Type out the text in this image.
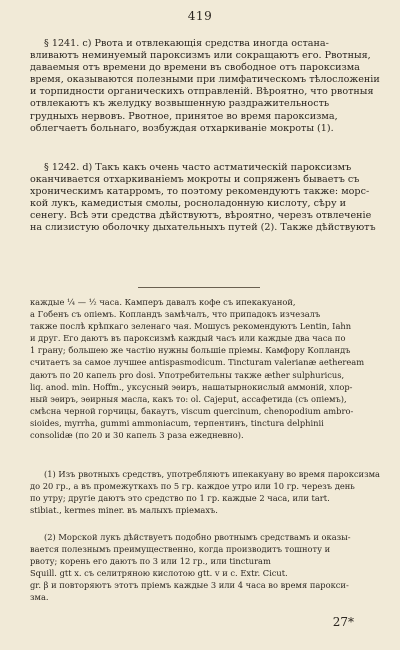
419
§ 1241. c) Рвота и отвлекающія средства иногда остана-
вливаютъ неминуемый пароксизмъ или сокращаютъ его. Рвотныя,
даваемыя отъ времени до времени въ свободное отъ пароксизма
время, оказываются полезными при лимфатическомъ тѣлосложеніи
и торпидности органическихъ отправленій. Вѣроятно, что рвотныя
отвлекаютъ къ желудку возвышенную раздражительность
грудныхъ нервовъ. Рвотное, принятое во время пароксизма,
облегчаетъ больнаго, возбуждая отхаркиваніе мокроты (1).
§ 1242. d) Такъ какъ очень часто астматическій пароксизмъ
оканчивается отхаркиваніемъ мокроты и сопряженъ бываетъ съ
хроническимъ катарромъ, то поэтому рекомендуютъ также: морс-
кой лукъ, камедистыя смолы, росноладонную кислоту, сѣру и
сенегу. Всѣ эти средства дѣйствуютъ, вѣроятно, черезъ отвлеченіе
на слизистую оболочку дыхательныхъ путей (2). Также дѣйствуютъ
каждые ¼ — ½ часа. Камперъ давалъ кофе съ ипекакуаной,
a Гобенъ съ опіемъ. Копландъ замѣчалъ, что припадокъ изчезалъ
также послѣ крѣпкаго зеленаго чая. Мошусъ рекомендуютъ Lentin, Iahn
и друг. Его даютъ въ пароксизмѣ каждый часъ или каждые два часа по
1 грану; большею же частію нужны большіе пріемы. Камфору Копландъ
считаетъ за самое лучшее antispasmodicum. Tincturam valerianæ aetheream
даютъ по 20 капель pro dosi. Употребительны также æther sulphuricus,
liq. anod. min. Hoffm., уксусный эѳиръ, нашатырнокислый аммоній, хлор-
ный эѳиръ, эѳирныя масла, какъ то: ol. Cajeput, ассафетида (съ опіемъ),
смѣсна черной горчицы, бакаутъ, viscum quercinum, chenopodium ambro-
sioides, myrrha, gummi ammoniacum, терпентинъ, tinctura delphinii
consolidæ (по 20 и 30 капель 3 раза ежедневно).
(1) Изъ рвотныхъ средствъ, употребляютъ ипекакуану во время пароксизма
до 20 гр., а въ промежуткахъ по 5 гр. каждое утро или 10 гр. черезъ день
по утру; другіе даютъ это средство по 1 гр. каждые 2 часа, или tart.
stibiat., kermes miner. въ малыхъ пріемахъ.
(2) Морской лукъ дѣйствуетъ подобно рвотнымъ средствамъ и оказы-
вается полезнымъ преимущественно, когда производитъ тошноту и
рвоту; корень его даютъ по 3 или 12 гр., или tincturam
Squill. gtt x. съ селитряною кислотою gtt. v и с. Extr. Cicut.
gr. β и повторяютъ этотъ пріемъ каждые 3 или 4 часа во время парокси-
зма.
27*
